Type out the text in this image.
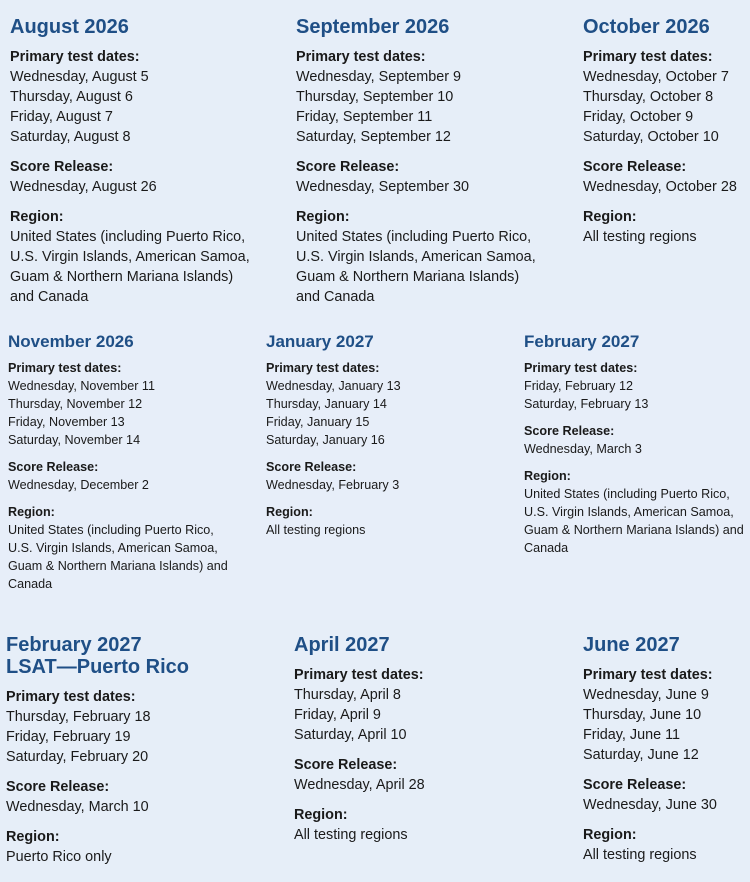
August 2026
Primary test dates:
Wednesday, August 5
Thursday, August 6
Friday, August 7
Saturday, August 8
Score Release:
Wednesday, August 26
Region:
United States (including Puerto Rico, U.S. Virgin Islands, American Samoa, Guam & Northern Mariana Islands) and Canada
September 2026
Primary test dates:
Wednesday, September 9
Thursday, September 10
Friday, September 11
Saturday, September 12
Score Release:
Wednesday, September 30
Region:
United States (including Puerto Rico, U.S. Virgin Islands, American Samoa, Guam & Northern Mariana Islands) and Canada
October 2026
Primary test dates:
Wednesday, October 7
Thursday, October 8
Friday, October 9
Saturday, October 10
Score Release:
Wednesday, October 28
Region:
All testing regions
November 2026
Primary test dates:
Wednesday, November 11
Thursday, November 12
Friday, November 13
Saturday, November 14
Score Release:
Wednesday, December 2
Region:
United States (including Puerto Rico, U.S. Virgin Islands, American Samoa, Guam & Northern Mariana Islands) and Canada
January 2027
Primary test dates:
Wednesday, January 13
Thursday, January 14
Friday, January 15
Saturday, January 16
Score Release:
Wednesday, February 3
Region:
All testing regions
February 2027
Primary test dates:
Friday, February 12
Saturday, February 13
Score Release:
Wednesday, March 3
Region:
United States (including Puerto Rico, U.S. Virgin Islands, American Samoa, Guam & Northern Mariana Islands) and Canada
February 2027
LSAT—Puerto Rico
Primary test dates:
Thursday, February 18
Friday, February 19
Saturday, February 20
Score Release:
Wednesday, March 10
Region:
Puerto Rico only
April 2027
Primary test dates:
Thursday, April 8
Friday, April 9
Saturday, April 10
Score Release:
Wednesday, April 28
Region:
All testing regions
June 2027
Primary test dates:
Wednesday, June 9
Thursday, June 10
Friday, June 11
Saturday, June 12
Score Release:
Wednesday, June 30
Region:
All testing regions
